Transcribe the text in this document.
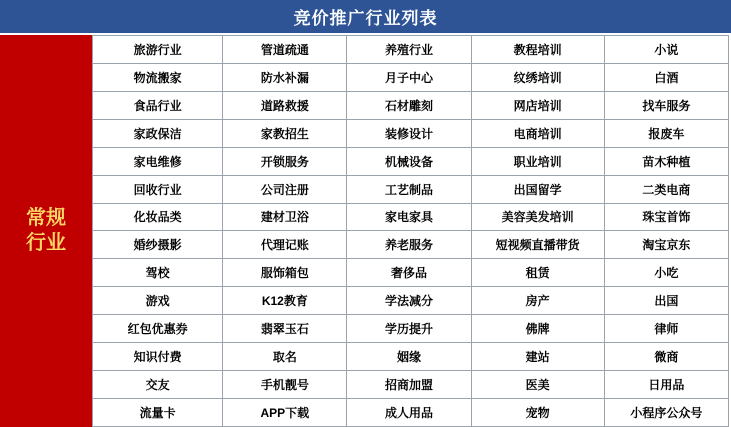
竞价推广行业列表
常规
行业
旅游行业	管道疏通	养殖行业	教程培训	小说
物流搬家	防水补漏	月子中心	纹绣培训	白酒
食品行业	道路救援	石材雕刻	网店培训	找车服务
家政保洁	家教招生	装修设计	电商培训	报废车
家电维修	开锁服务	机械设备	职业培训	苗木种植
回收行业	公司注册	工艺制品	出国留学	二类电商
化妆品类	建材卫浴	家电家具	美容美发培训	珠宝首饰
婚纱摄影	代理记账	养老服务	短视频直播带货	淘宝京东
驾校	服饰箱包	奢侈品	租赁	小吃
游戏	K12教育	学法减分	房产	出国
红包优惠券	翡翠玉石	学历提升	佛牌	律师
知识付费	取名	姻缘	建站	微商
交友	手机靓号	招商加盟	医美	日用品
流量卡	APP下载	成人用品	宠物	小程序公众号
